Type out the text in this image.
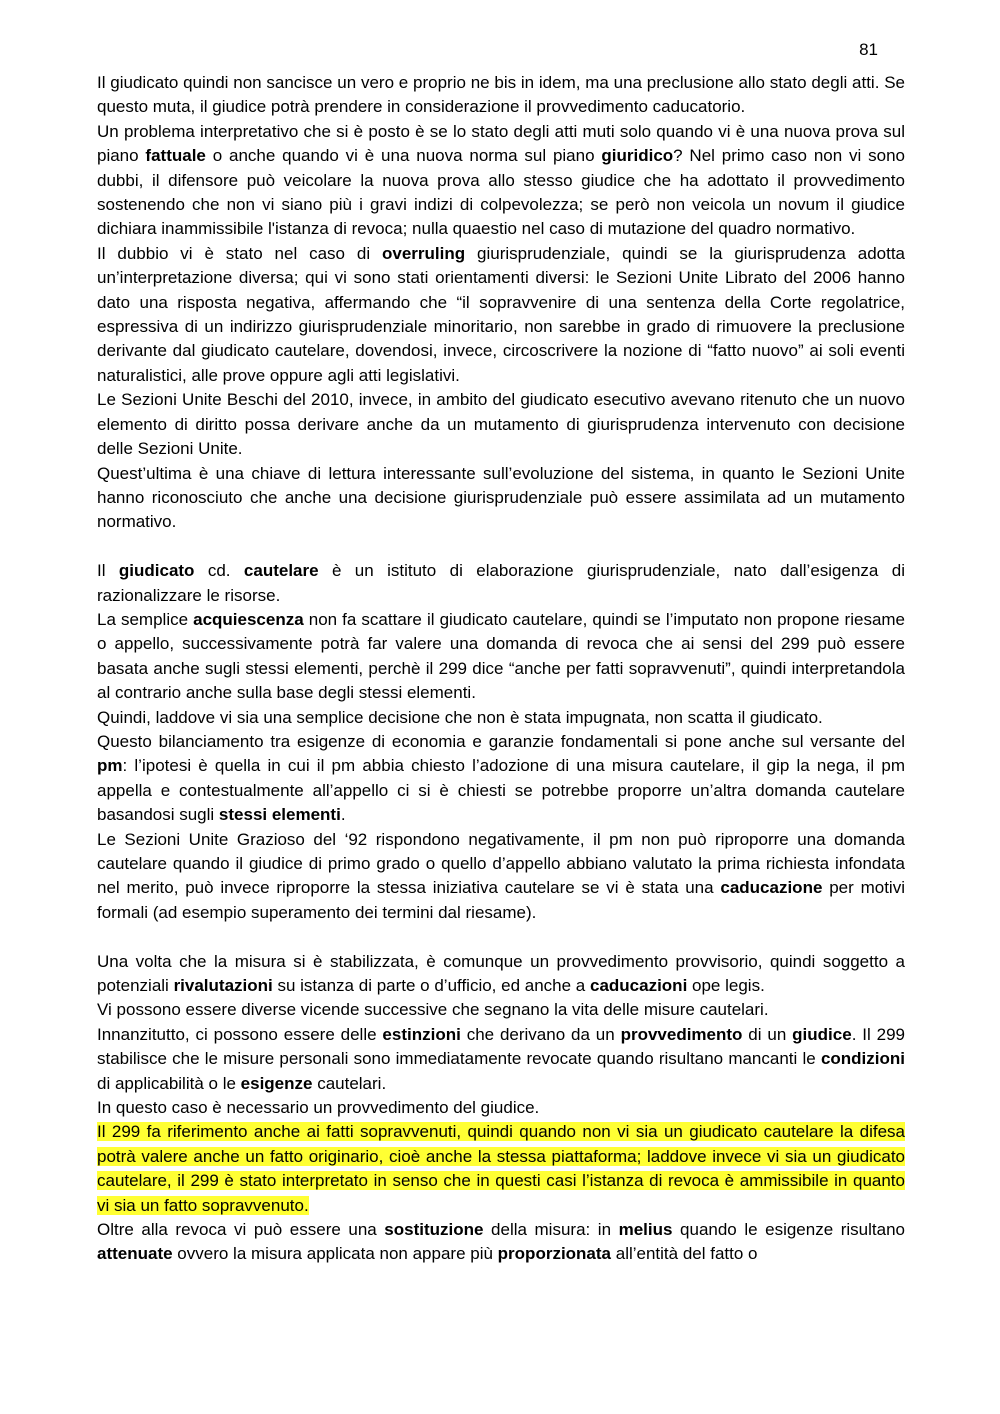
81

Il giudicato quindi non sancisce un vero e proprio ne bis in idem, ma una preclusione allo stato degli atti. Se questo muta, il giudice potrà prendere in considerazione il provvedimento caducatorio.

Un problema interpretativo che si è posto è se lo stato degli atti muti solo quando vi è una nuova prova sul piano fattuale o anche quando vi è una nuova norma sul piano giuridico? Nel primo caso non vi sono dubbi, il difensore può veicolare la nuova prova allo stesso giudice che ha adottato il provvedimento sostenendo che non vi siano più i gravi indizi di colpevolezza; se però non veicola un novum il giudice dichiara inammissibile l'istanza di revoca; nulla quaestio nel caso di mutazione del quadro normativo.

Il dubbio vi è stato nel caso di overruling giurisprudenziale, quindi se la giurisprudenza adotta un’interpretazione diversa; qui vi sono stati orientamenti diversi: le Sezioni Unite Librato del 2006 hanno dato una risposta negativa, affermando che “il sopravvenire di una sentenza della Corte regolatrice, espressiva di un indirizzo giurisprudenziale minoritario, non sarebbe in grado di rimuovere la preclusione derivante dal giudicato cautelare, dovendosi, invece, circoscrivere la nozione di “fatto nuovo” ai soli eventi naturalistici, alle prove oppure agli atti legislativi.

Le Sezioni Unite Beschi del 2010, invece, in ambito del giudicato esecutivo avevano ritenuto che un nuovo elemento di diritto possa derivare anche da un mutamento di giurisprudenza intervenuto con decisione delle Sezioni Unite.

Quest’ultima è una chiave di lettura interessante sull’evoluzione del sistema, in quanto le Sezioni Unite hanno riconosciuto che anche una decisione giurisprudenziale può essere assimilata ad un mutamento normativo.

Il giudicato cd. cautelare è un istituto di elaborazione giurisprudenziale, nato dall’esigenza di razionalizzare le risorse.

La semplice acquiescenza non fa scattare il giudicato cautelare, quindi se l’imputato non propone riesame o appello, successivamente potrà far valere una domanda di revoca che ai sensi del 299 può essere basata anche sugli stessi elementi, perchè il 299 dice “anche per fatti sopravvenuti”, quindi interpretandola al contrario anche sulla base degli stessi elementi.

Quindi, laddove vi sia una semplice decisione che non è stata impugnata, non scatta il giudicato.

Questo bilanciamento tra esigenze di economia e garanzie fondamentali si pone anche sul versante del pm: l’ipotesi è quella in cui il pm abbia chiesto l’adozione di una misura cautelare, il gip la nega, il pm appella e contestualmente all’appello ci si è chiesti se potrebbe proporre un’altra domanda cautelare basandosi sugli stessi elementi.

Le Sezioni Unite Grazioso del ‘92 rispondono negativamente, il pm non può riproporre una domanda cautelare quando il giudice di primo grado o quello d’appello abbiano valutato la prima richiesta infondata nel merito, può invece riproporre la stessa iniziativa cautelare se vi è stata una caducazione per motivi formali (ad esempio superamento dei termini dal riesame).

Una volta che la misura si è stabilizzata, è comunque un provvedimento provvisorio, quindi soggetto a potenziali rivalutazioni su istanza di parte o d’ufficio, ed anche a caducazioni ope legis.

Vi possono essere diverse vicende successive che segnano la vita delle misure cautelari.

Innanzitutto, ci possono essere delle estinzioni che derivano da un provvedimento di un giudice. Il 299 stabilisce che le misure personali sono immediatamente revocate quando risultano mancanti le condizioni di applicabilità o le esigenze cautelari.

In questo caso è necessario un provvedimento del giudice.

Il 299 fa riferimento anche ai fatti sopravvenuti, quindi quando non vi sia un giudicato cautelare la difesa potrà valere anche un fatto originario, cioè anche la stessa piattaforma; laddove invece vi sia un giudicato cautelare, il 299 è stato interpretato in senso che in questi casi l’istanza di revoca è ammissibile in quanto vi sia un fatto sopravvenuto.

Oltre alla revoca vi può essere una sostituzione della misura: in melius quando le esigenze risultano attenuate ovvero la misura applicata non appare più proporzionata all’entità del fatto o
